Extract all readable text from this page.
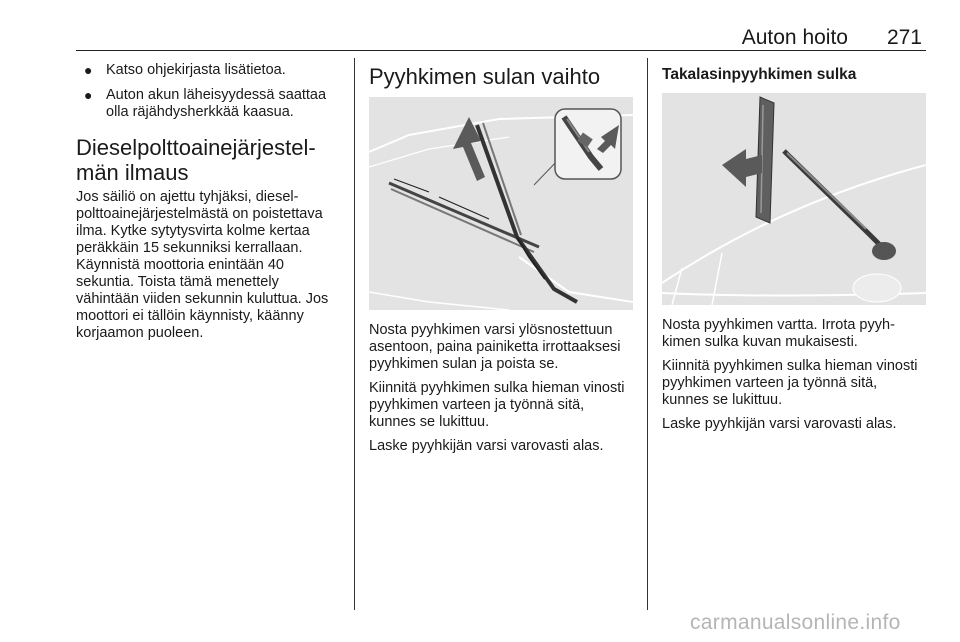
Auton hoito 271
● Katso ohjekirjasta lisätietoa.
● Auton akun läheisyydessä saattaa olla räjähdysherkkää kaasua.
Dieselpolttoainejärjestelmän ilmaus

Jos säiliö on ajettu tyhjäksi, dieselpolttoainejärjestelmästä on poistettava ilma. Kytke sytytysvirta kolme kertaa peräkkäin 15 sekunniksi kerrallaan. Käynnistä moottoria enintään 40 sekuntia. Toista tämä menettely vähintään viiden sekunnin kuluttua. Jos moottori ei tällöin käynnisty, käänny korjaamon puoleen.

Pyyhkimen sulan vaihto

Nosta pyyhkimen varsi ylösnostettuun asentoon, paina painiketta irrottaaksesi pyyhkimen sulan ja poista se.

Kiinnitä pyyhkimen sulka hieman vinosti pyyhkimen varteen ja työnnä sitä, kunnes se lukittuu.

Laske pyyhkijän varsi varovasti alas.

Takalasinpyyhkimen sulka

Nosta pyyhkimen vartta. Irrota pyyhkimen sulka kuvan mukaisesti.

Kiinnitä pyyhkimen sulka hieman vinosti pyyhkimen varteen ja työnnä sitä, kunnes se lukittuu.

Laske pyyhkijän varsi varovasti alas.

carmanualsonline.info
